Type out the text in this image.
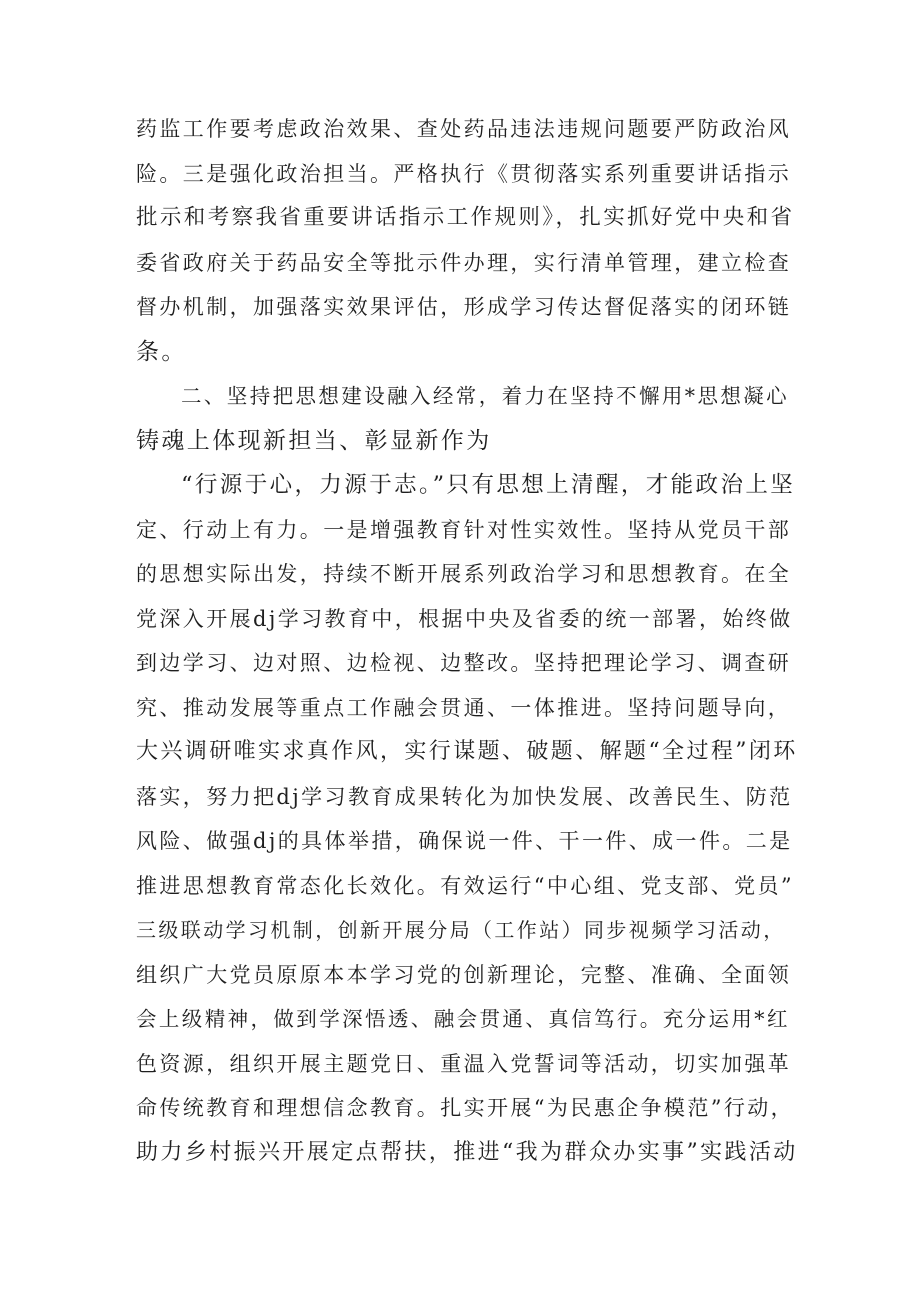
药监工作要考虑政治效果、查处药品违法违规问题要严防政治风

险。三是强化政治担当。严格执行《贯彻落实系列重要讲话指示

批示和考察我省重要讲话指示工作规则》，扎实抓好党中央和省

委省政府关于药品安全等批示件办理，实行清单管理，建立检查

督办机制，加强落实效果评估，形成学习传达督促落实的闭环链

条。

二、坚持把思想建设融入经常，着力在坚持不懈用*思想凝心

铸魂上体现新担当、彰显新作为

“行源于心，力源于志。”只有思想上清醒，才能政治上坚

定、行动上有力。一是增强教育针对性实效性。坚持从党员干部

的思想实际出发，持续不断开展系列政治学习和思想教育。在全

党深入开展dj学习教育中，根据中央及省委的统一部署，始终做

到边学习、边对照、边检视、边整改。坚持把理论学习、调查研

究、推动发展等重点工作融会贯通、一体推进。坚持问题导向，

大兴调研唯实求真作风，实行谋题、破题、解题“全过程”闭环

落实，努力把dj学习教育成果转化为加快发展、改善民生、防范

风险、做强dj的具体举措，确保说一件、干一件、成一件。二是

推进思想教育常态化长效化。有效运行“中心组、党支部、党员”

三级联动学习机制，创新开展分局（工作站）同步视频学习活动，

组织广大党员原原本本学习党的创新理论，完整、准确、全面领

会上级精神，做到学深悟透、融会贯通、真信笃行。充分运用*红

色资源，组织开展主题党日、重温入党誓词等活动，切实加强革

命传统教育和理想信念教育。扎实开展“为民惠企争模范”行动，

助力乡村振兴开展定点帮扶，推进“我为群众办实事”实践活动
